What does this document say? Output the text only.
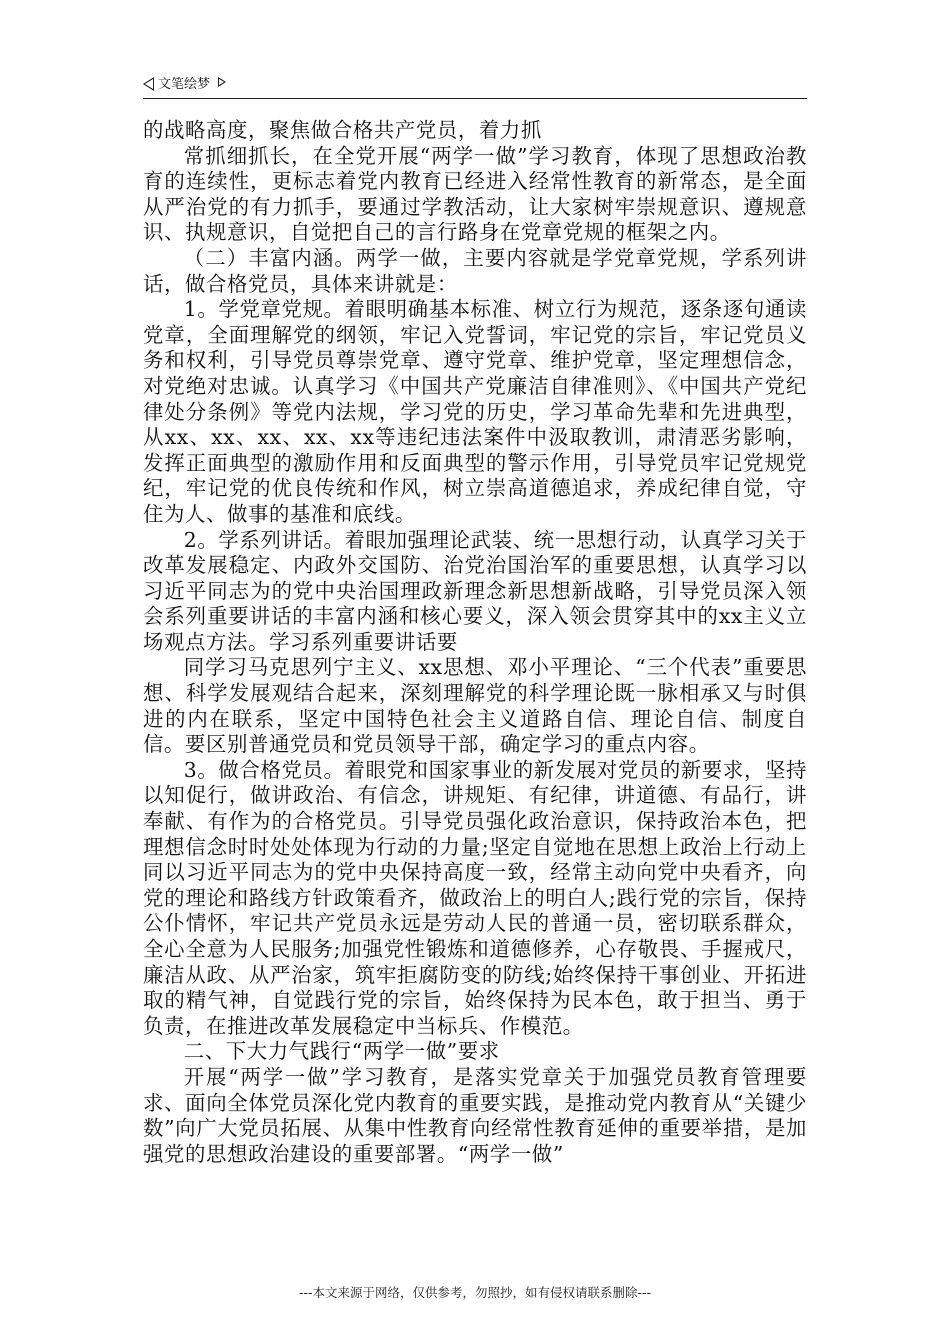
文笔绘梦

的战略高度，聚焦做合格共产党员，着力抓

常抓细抓长，在全党开展“两学一做”学习教育，体现了思想政治教育的连续性，更标志着党内教育已经进入经常性教育的新常态，是全面从严治党的有力抓手，要通过学教活动，让大家树牢崇规意识、遵规意识、执规意识，自觉把自己的言行路身在党章党规的框架之内。

（二）丰富内涵。两学一做，主要内容就是学党章党规，学系列讲话，做合格党员，具体来讲就是：

1。学党章党规。着眼明确基本标准、树立行为规范，逐条逐句通读党章，全面理解党的纲领，牢记入党誓词，牢记党的宗旨，牢记党员义务和权利，引导党员尊崇党章、遵守党章、维护党章，坚定理想信念，对党绝对忠诚。认真学习《中国共产党廉洁自律准则》、《中国共产党纪律处分条例》等党内法规，学习党的历史，学习革命先辈和先进典型，从xx、xx、xx、xx、xx等违纪违法案件中汲取教训，肃清恶劣影响，发挥正面典型的激励作用和反面典型的警示作用，引导党员牢记党规党纪，牢记党的优良传统和作风，树立崇高道德追求，养成纪律自觉，守住为人、做事的基准和底线。

2。学系列讲话。着眼加强理论武装、统一思想行动，认真学习关于改革发展稳定、内政外交国防、治党治国治军的重要思想，认真学习以习近平同志为的党中央治国理政新理念新思想新战略，引导党员深入领会系列重要讲话的丰富内涵和核心要义，深入领会贯穿其中的xx主义立场观点方法。学习系列重要讲话要

同学习马克思列宁主义、xx思想、邓小平理论、“三个代表”重要思想、科学发展观结合起来，深刻理解党的科学理论既一脉相承又与时俱进的内在联系，坚定中国特色社会主义道路自信、理论自信、制度自信。要区别普通党员和党员领导干部，确定学习的重点内容。

3。做合格党员。着眼党和国家事业的新发展对党员的新要求，坚持以知促行，做讲政治、有信念，讲规矩、有纪律，讲道德、有品行，讲奉献、有作为的合格党员。引导党员强化政治意识，保持政治本色，把理想信念时时处处体现为行动的力量;坚定自觉地在思想上政治上行动上同以习近平同志为的党中央保持高度一致，经常主动向党中央看齐，向党的理论和路线方针政策看齐，做政治上的明白人;践行党的宗旨，保持公仆情怀，牢记共产党员永远是劳动人民的普通一员，密切联系群众，全心全意为人民服务;加强党性锻炼和道德修养，心存敬畏、手握戒尺，廉洁从政、从严治家，筑牢拒腐防变的防线;始终保持干事创业、开拓进取的精气神，自觉践行党的宗旨，始终保持为民本色，敢于担当、勇于负责，在推进改革发展稳定中当标兵、作模范。

二、下大力气践行“两学一做”要求

开展“两学一做”学习教育，是落实党章关于加强党员教育管理要求、面向全体党员深化党内教育的重要实践，是推动党内教育从“关键少数”向广大党员拓展、从集中性教育向经常性教育延伸的重要举措，是加强党的思想政治建设的重要部署。“两学一做”

---本文来源于网络，仅供参考，勿照抄，如有侵权请联系删除---
